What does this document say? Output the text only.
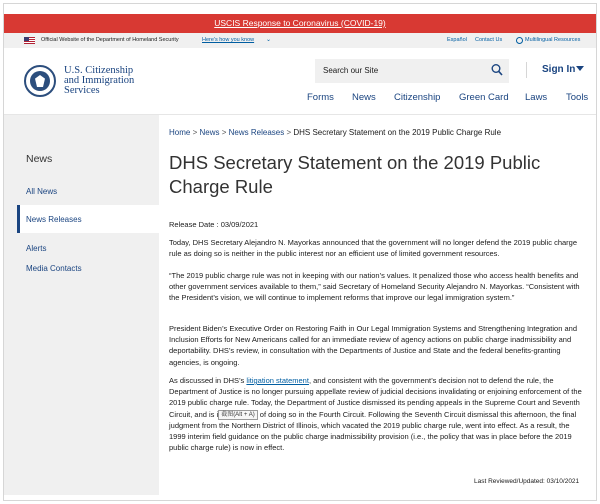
USCIS Response to Coronavirus (COVID-19)
Official Website of the Department of Homeland Security	Here's how you know ⌄	Español Contact Us	Multilingual Resources
U.S. Citizenship
and Immigration
Services
Search our Site	Sign In
Forms News Citizenship Green Card Laws Tools
News
All News
News Releases
Alerts
Media Contacts
Home > News > News Releases > DHS Secretary Statement on the 2019 Public Charge Rule
DHS Secretary Statement on the 2019 Public Charge Rule
Release Date : 03/09/2021

Today, DHS Secretary Alejandro N. Mayorkas announced that the government will no longer defend the 2019 public charge rule as doing so is neither in the public interest nor an efficient use of limited government resources.

“The 2019 public charge rule was not in keeping with our nation’s values. It penalized those who access health benefits and other government services available to them,” said Secretary of Homeland Security Alejandro N. Mayorkas. “Consistent with the President’s vision, we will continue to implement reforms that improve our legal immigration system.”

President Biden’s Executive Order on Restoring Faith in Our Legal Immigration Systems and Strengthening Integration and Inclusion Efforts for New Americans called for an immediate review of agency actions on public charge inadmissibility and deportability. DHS’s review, in consultation with the Departments of Justice and State and the federal benefits-granting agencies, is ongoing.

As discussed in DHS’s litigation statement, and consistent with the government’s decision not to defend the rule, the Department of Justice is no longer pursuing appellate review of judicial decisions invalidating or enjoining enforcement of the 2019 public charge rule. Today, the Department of Justice dismissed its pending appeals in the Supreme Court and Seventh Circuit, and is i 截图(Alt + A) of doing so in the Fourth Circuit. Following the Seventh Circuit dismissal this afternoon, the final judgment from the Northern District of Illinois, which vacated the 2019 public charge rule, went into effect. As a result, the 1999 interim field guidance on the public charge inadmissibility provision (i.e., the policy that was in place before the 2019 public charge rule) is now in effect.

Last Reviewed/Updated: 03/10/2021
